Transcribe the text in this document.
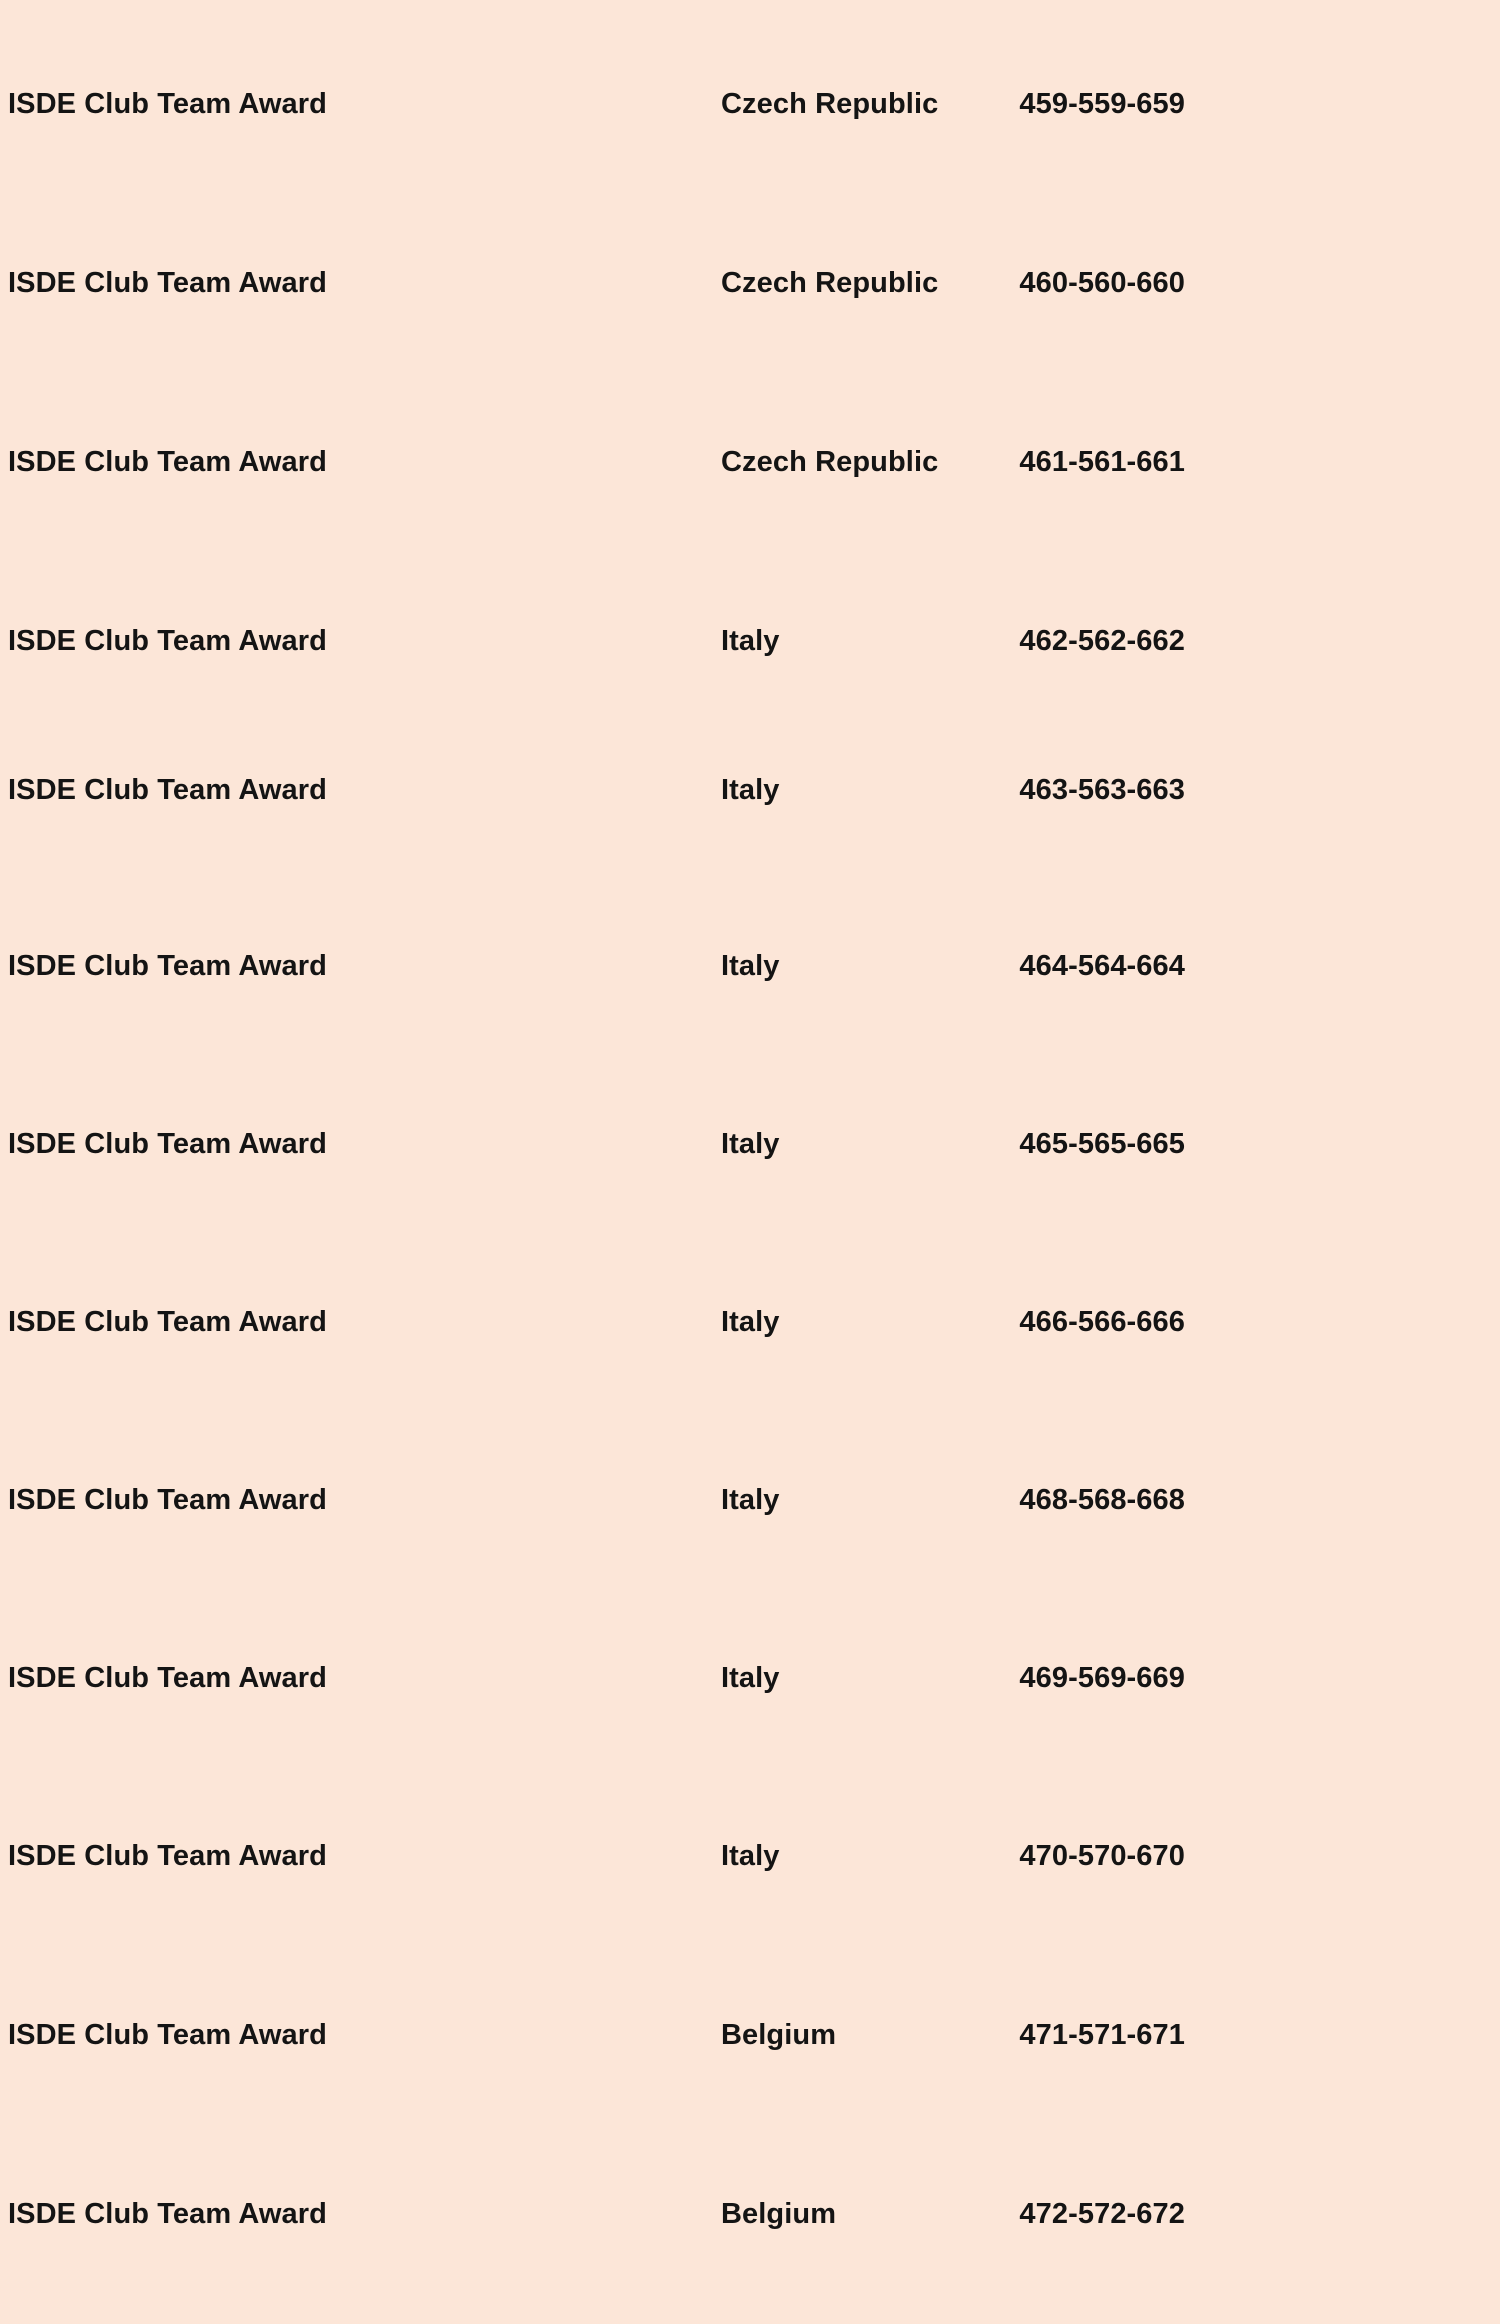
ISDE Club Team Award	Czech Republic	459-559-659
ISDE Club Team Award	Czech Republic	460-560-660
ISDE Club Team Award	Czech Republic	461-561-661
ISDE Club Team Award	Italy	462-562-662
ISDE Club Team Award	Italy	463-563-663
ISDE Club Team Award	Italy	464-564-664
ISDE Club Team Award	Italy	465-565-665
ISDE Club Team Award	Italy	466-566-666
ISDE Club Team Award	Italy	468-568-668
ISDE Club Team Award	Italy	469-569-669
ISDE Club Team Award	Italy	470-570-670
ISDE Club Team Award	Belgium	471-571-671
ISDE Club Team Award	Belgium	472-572-672
